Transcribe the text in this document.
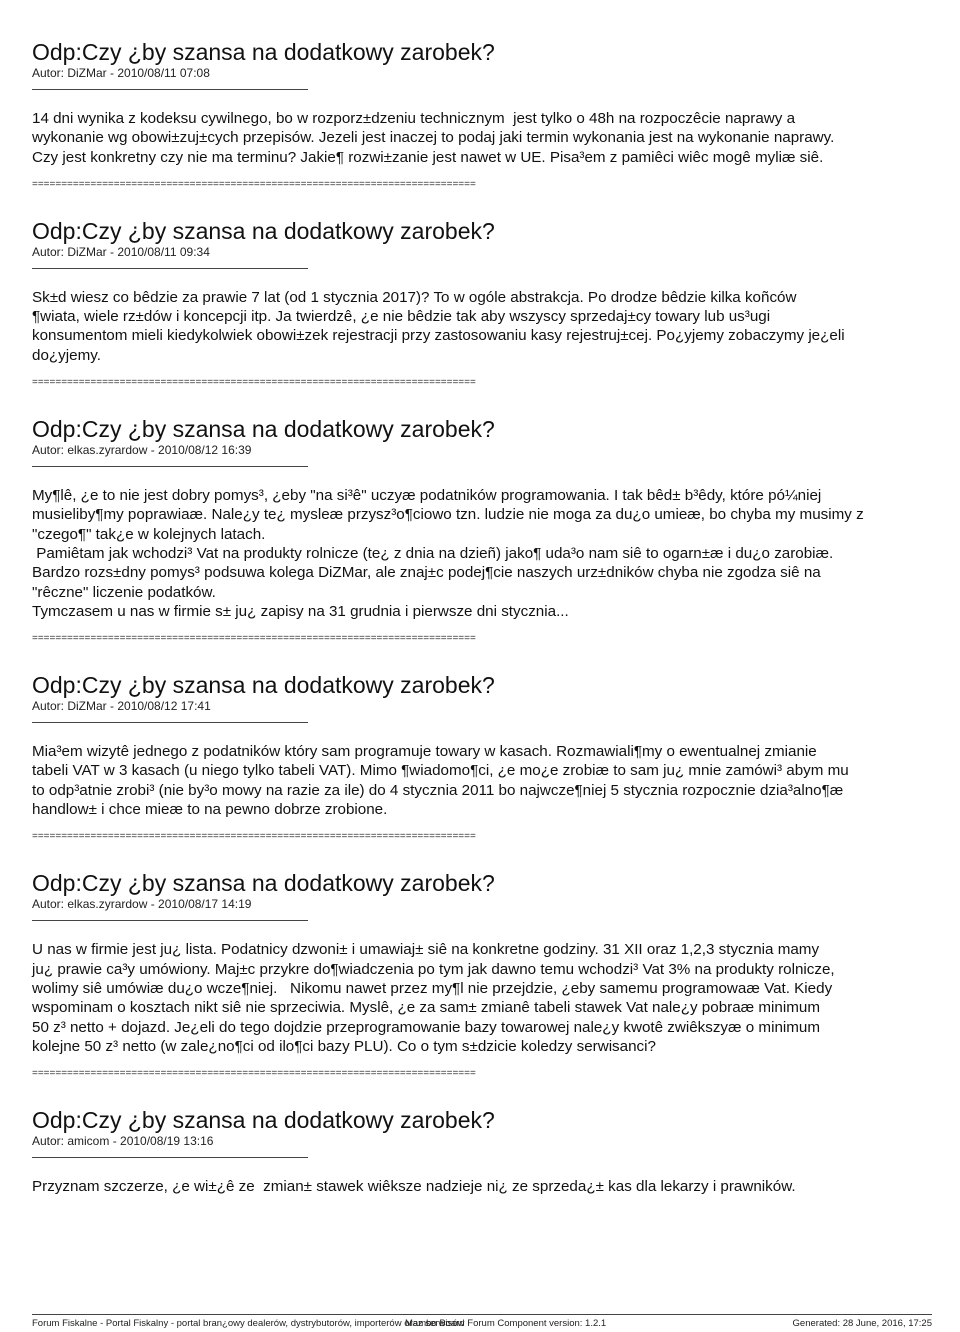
Odp:Czy ¿by szansa na dodatkowy zarobek?
Autor: DiZMar - 2010/08/11 07:08
14 dni wynika z kodeksu cywilnego, bo w rozporz±dzeniu technicznym  jest tylko o 48h na rozpoczêcie naprawy a
wykonanie wg obowi±zuj±cych przepisów. Jezeli jest inaczej to podaj jaki termin wykonania jest na wykonanie naprawy.
Czy jest konkretny czy nie ma terminu? Jakie¶ rozwi±zanie jest nawet w UE. Pisa³em z pamiêci wiêc mogê myliæ siê.
============================================================================
Odp:Czy ¿by szansa na dodatkowy zarobek?
Autor: DiZMar - 2010/08/11 09:34
Sk±d wiesz co bêdzie za prawie 7 lat (od 1 stycznia 2017)? To w ogóle abstrakcja. Po drodze bêdzie kilka koñców
¶wiata, wiele rz±dów i koncepcji itp. Ja twierdzê, ¿e nie bêdzie tak aby wszyscy sprzedaj±cy towary lub us³ugi
konsumentom mieli kiedykolwiek obowi±zek rejestracji przy zastosowaniu kasy rejestruj±cej. Po¿yjemy zobaczymy je¿eli
do¿yjemy.
============================================================================
Odp:Czy ¿by szansa na dodatkowy zarobek?
Autor: elkas.zyrardow - 2010/08/12 16:39
My¶lê, ¿e to nie jest dobry pomys³, ¿eby "na si³ê" uczyæ podatników programowania. I tak bêd± b³êdy, które pó¼niej
musieliby¶my poprawiaæ. Nale¿y te¿ mysleæ przysz³o¶ciowo tzn. ludzie nie moga za du¿o umieæ, bo chyba my musimy z
"czego¶" tak¿e w kolejnych latach.
Pamiêtam jak wchodzi³ Vat na produkty rolnicze (te¿ z dnia na dzieñ) jako¶ uda³o nam siê to ogarn±æ i du¿o zarobiæ.
Bardzo rozs±dny pomys³ podsuwa kolega DiZMar, ale znaj±c podej¶cie naszych urz±dników chyba nie zgodza siê na
"rêczne" liczenie podatków.
Tymczasem u nas w firmie s± ju¿ zapisy na 31 grudnia i pierwsze dni stycznia...
============================================================================
Odp:Czy ¿by szansa na dodatkowy zarobek?
Autor: DiZMar - 2010/08/12 17:41
Mia³em wizytê jednego z podatników który sam programuje towary w kasach. Rozmawiali¶my o ewentualnej zmianie
tabeli VAT w 3 kasach (u niego tylko tabeli VAT). Mimo ¶wiadomo¶ci, ¿e mo¿e zrobiæ to sam ju¿ mnie zamówi³ abym mu
to odp³atnie zrobi³ (nie by³o mowy na razie za ile) do 4 stycznia 2011 bo najwcze¶niej 5 stycznia rozpocznie dzia³alno¶æ
handlow± i chce mieæ to na pewno dobrze zrobione.
============================================================================
Odp:Czy ¿by szansa na dodatkowy zarobek?
Autor: elkas.zyrardow - 2010/08/17 14:19
U nas w firmie jest ju¿ lista. Podatnicy dzwoni± i umawiaj± siê na konkretne godziny. 31 XII oraz 1,2,3 stycznia mamy
ju¿ prawie ca³y umówiony. Maj±c przykre do¶wiadczenia po tym jak dawno temu wchodzi³ Vat 3% na produkty rolnicze,
wolimy siê umówiæ du¿o wcze¶niej.   Nikomu nawet przez my¶l nie przejdzie, ¿eby samemu programowaæ Vat. Kiedy
wspominam o kosztach nikt siê nie sprzeciwia. Myslê, ¿e za sam± zmianê tabeli stawek Vat nale¿y pobraæ minimum
50 z³ netto + dojazd. Je¿eli do tego dojdzie przeprogramowanie bazy towarowej nale¿y kwotê zwiêkszyæ o minimum
kolejne 50 z³ netto (w zale¿no¶ci od ilo¶ci bazy PLU). Co o tym s±dzicie koledzy serwisanci?
============================================================================
Odp:Czy ¿by szansa na dodatkowy zarobek?
Autor: amicom - 2010/08/19 13:16
Przyznam szczerze, ¿e wi±¿ê ze  zmian± stawek wiêksze nadzieje ni¿ ze sprzeda¿± kas dla lekarzy i prawników.
Forum Fiskalne - Portal Fiskalny - portal bran¿owy dealerów, dystrybutorów, importerów oraz serwisów
Mambo Board Forum Component version: 1.2.1	Generated: 28 June, 2016, 17:25
